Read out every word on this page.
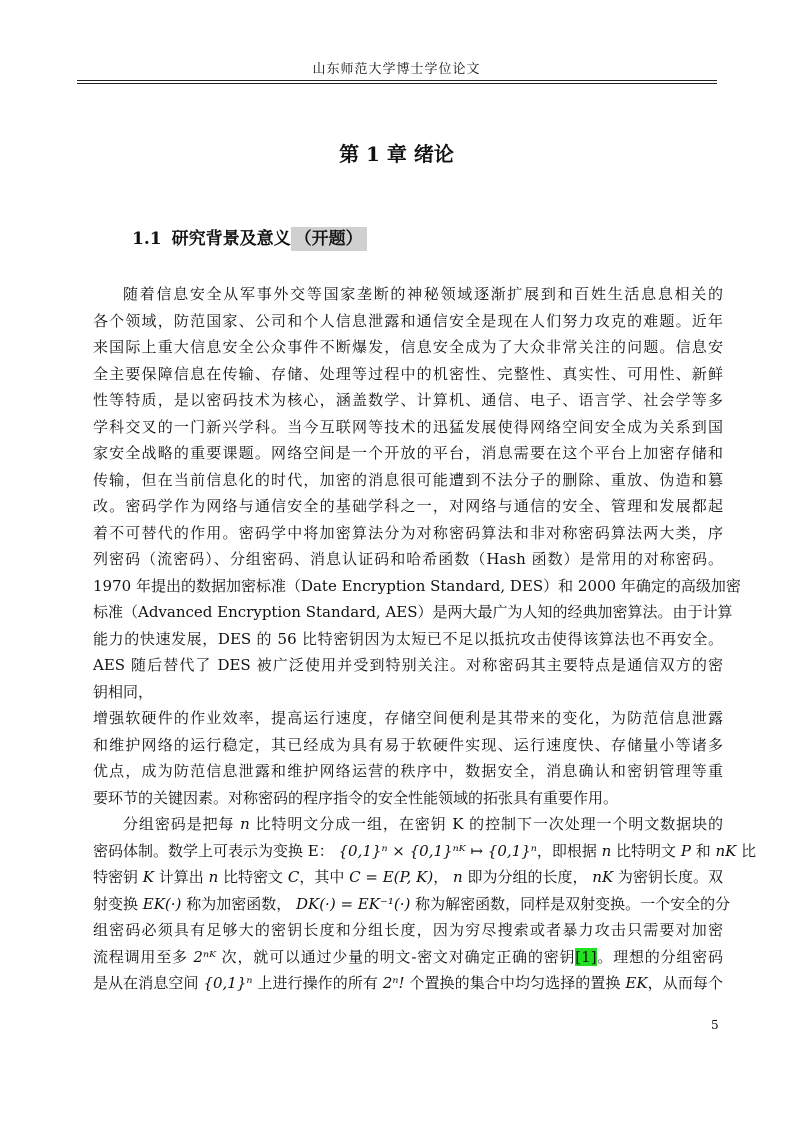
山东师范大学博士学位论文
第 1 章 绪论
1.1 研究背景及意义 （开题）
随着信息安全从军事外交等国家垄断的神秘领域逐渐扩展到和百姓生活息息相关的
各个领域，防范国家、公司和个人信息泄露和通信安全是现在人们努力攻克的难题。近年
来国际上重大信息安全公众事件不断爆发，信息安全成为了大众非常关注的问题。信息安
全主要保障信息在传输、存储、处理等过程中的机密性、完整性、真实性、可用性、新鲜
性等特质，是以密码技术为核心，涵盖数学、计算机、通信、电子、语言学、社会学等多
学科交叉的一门新兴学科。当今互联网等技术的迅猛发展使得网络空间安全成为关系到国
家安全战略的重要课题。网络空间是一个开放的平台，消息需要在这个平台上加密存储和
传输，但在当前信息化的时代，加密的消息很可能遭到不法分子的删除、重放、伪造和篡
改。密码学作为网络与通信安全的基础学科之一，对网络与通信的安全、管理和发展都起
着不可替代的作用。密码学中将加密算法分为对称密码算法和非对称密码算法两大类，序
列密码（流密码）、分组密码、消息认证码和哈希函数（Hash 函数）是常用的对称密码。
1970 年提出的数据加密标准（Date Encryption Standard, DES）和 2000 年确定的高级加密
标准（Advanced Encryption Standard, AES）是两大最广为人知的经典加密算法。由于计算
能力的快速发展，DES 的 56 比特密钥因为太短已不足以抵抗攻击使得该算法也不再安全。
AES 随后替代了 DES 被广泛使用并受到特别关注。对称密码其主要特点是通信双方的密
钥相同，
增强软硬件的作业效率，提高运行速度，存储空间便利是其带来的变化，为防范信息泄露
和维护网络的运行稳定，其已经成为具有易于软硬件实现、运行速度快、存储量小等诸多
优点，成为防范信息泄露和维护网络运营的秩序中，数据安全，消息确认和密钥管理等重
要环节的关键因素。对称密码的程序指令的安全性能领域的拓张具有重要作用。
分组密码是把每 n 比特明文分成一组，在密钥 K 的控制下一次处理一个明文数据块的
密码体制。数学上可表示为变换 E： {0,1}ⁿ × {0,1}ⁿᴷ ↦ {0,1}ⁿ，即根据 n 比特明文 P 和 nK 比
特密钥 K 计算出 n 比特密文 C，其中 C = E(P, K)， n 即为分组的长度， nK 为密钥长度。双
射变换 EK(·) 称为加密函数， DK(·) = EK⁻¹(·) 称为解密函数，同样是双射变换。一个安全的分
组密码必须具有足够大的密钥长度和分组长度，因为穷尽搜索或者暴力攻击只需要对加密
流程调用至多 2ⁿᴷ 次，就可以通过少量的明文-密文对确定正确的密钥[1]。理想的分组密码
是从在消息空间 {0,1}ⁿ 上进行操作的所有 2ⁿ! 个置换的集合中均匀选择的置换 EK，从而每个
5
